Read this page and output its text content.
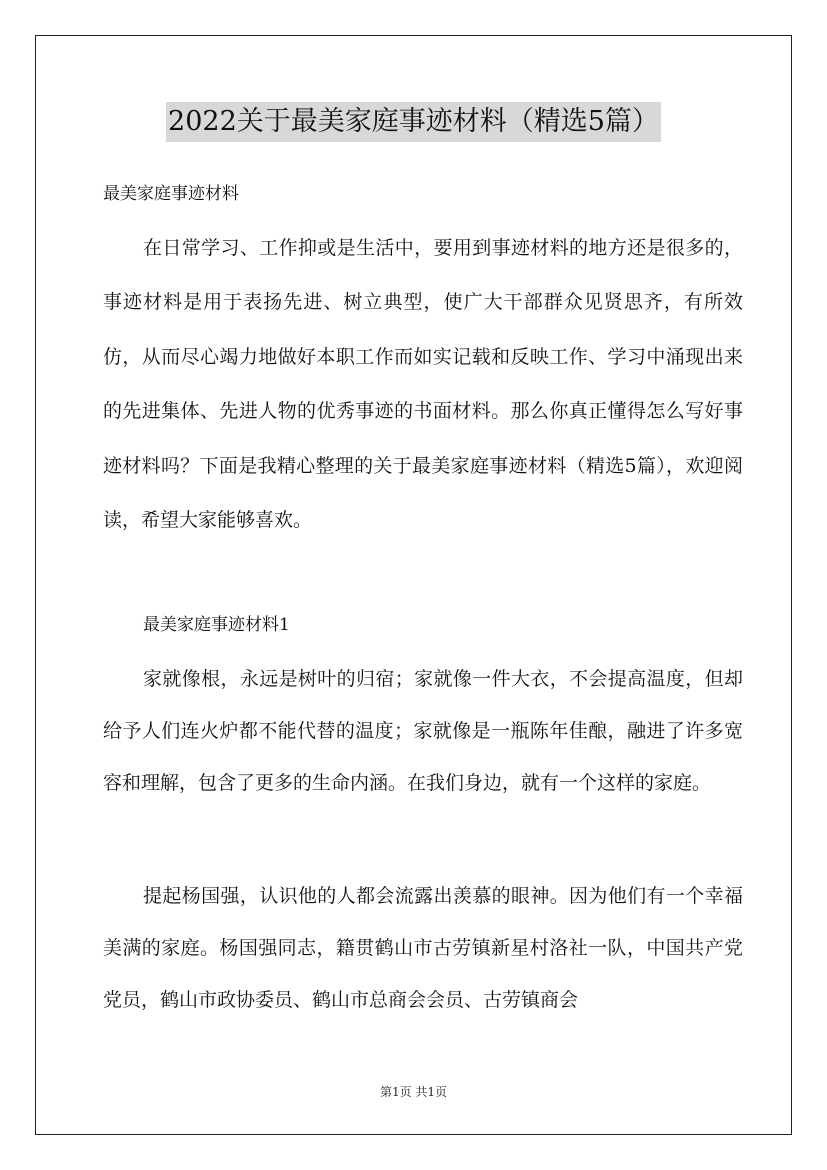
2022关于最美家庭事迹材料（精选5篇）
最美家庭事迹材料

在日常学习、工作抑或是生活中，要用到事迹材料的地方还是很多的，事迹材料是用于表扬先进、树立典型，使广大干部群众见贤思齐，有所效仿，从而尽心竭力地做好本职工作而如实记载和反映工作、学习中涌现出来的先进集体、先进人物的优秀事迹的书面材料。那么你真正懂得怎么写好事迹材料吗？下面是我精心整理的关于最美家庭事迹材料（精选5篇），欢迎阅读，希望大家能够喜欢。

最美家庭事迹材料1

家就像根，永远是树叶的归宿；家就像一件大衣，不会提高温度，但却给予人们连火炉都不能代替的温度；家就像是一瓶陈年佳酿，融进了许多宽容和理解，包含了更多的生命内涵。在我们身边，就有一个这样的家庭。

提起杨国强，认识他的人都会流露出羡慕的眼神。因为他们有一个幸福美满的家庭。杨国强同志，籍贯鹤山市古劳镇新星村洛社一队，中国共产党党员，鹤山市政协委员、鹤山市总商会会员、古劳镇商会

第1页 共1页
